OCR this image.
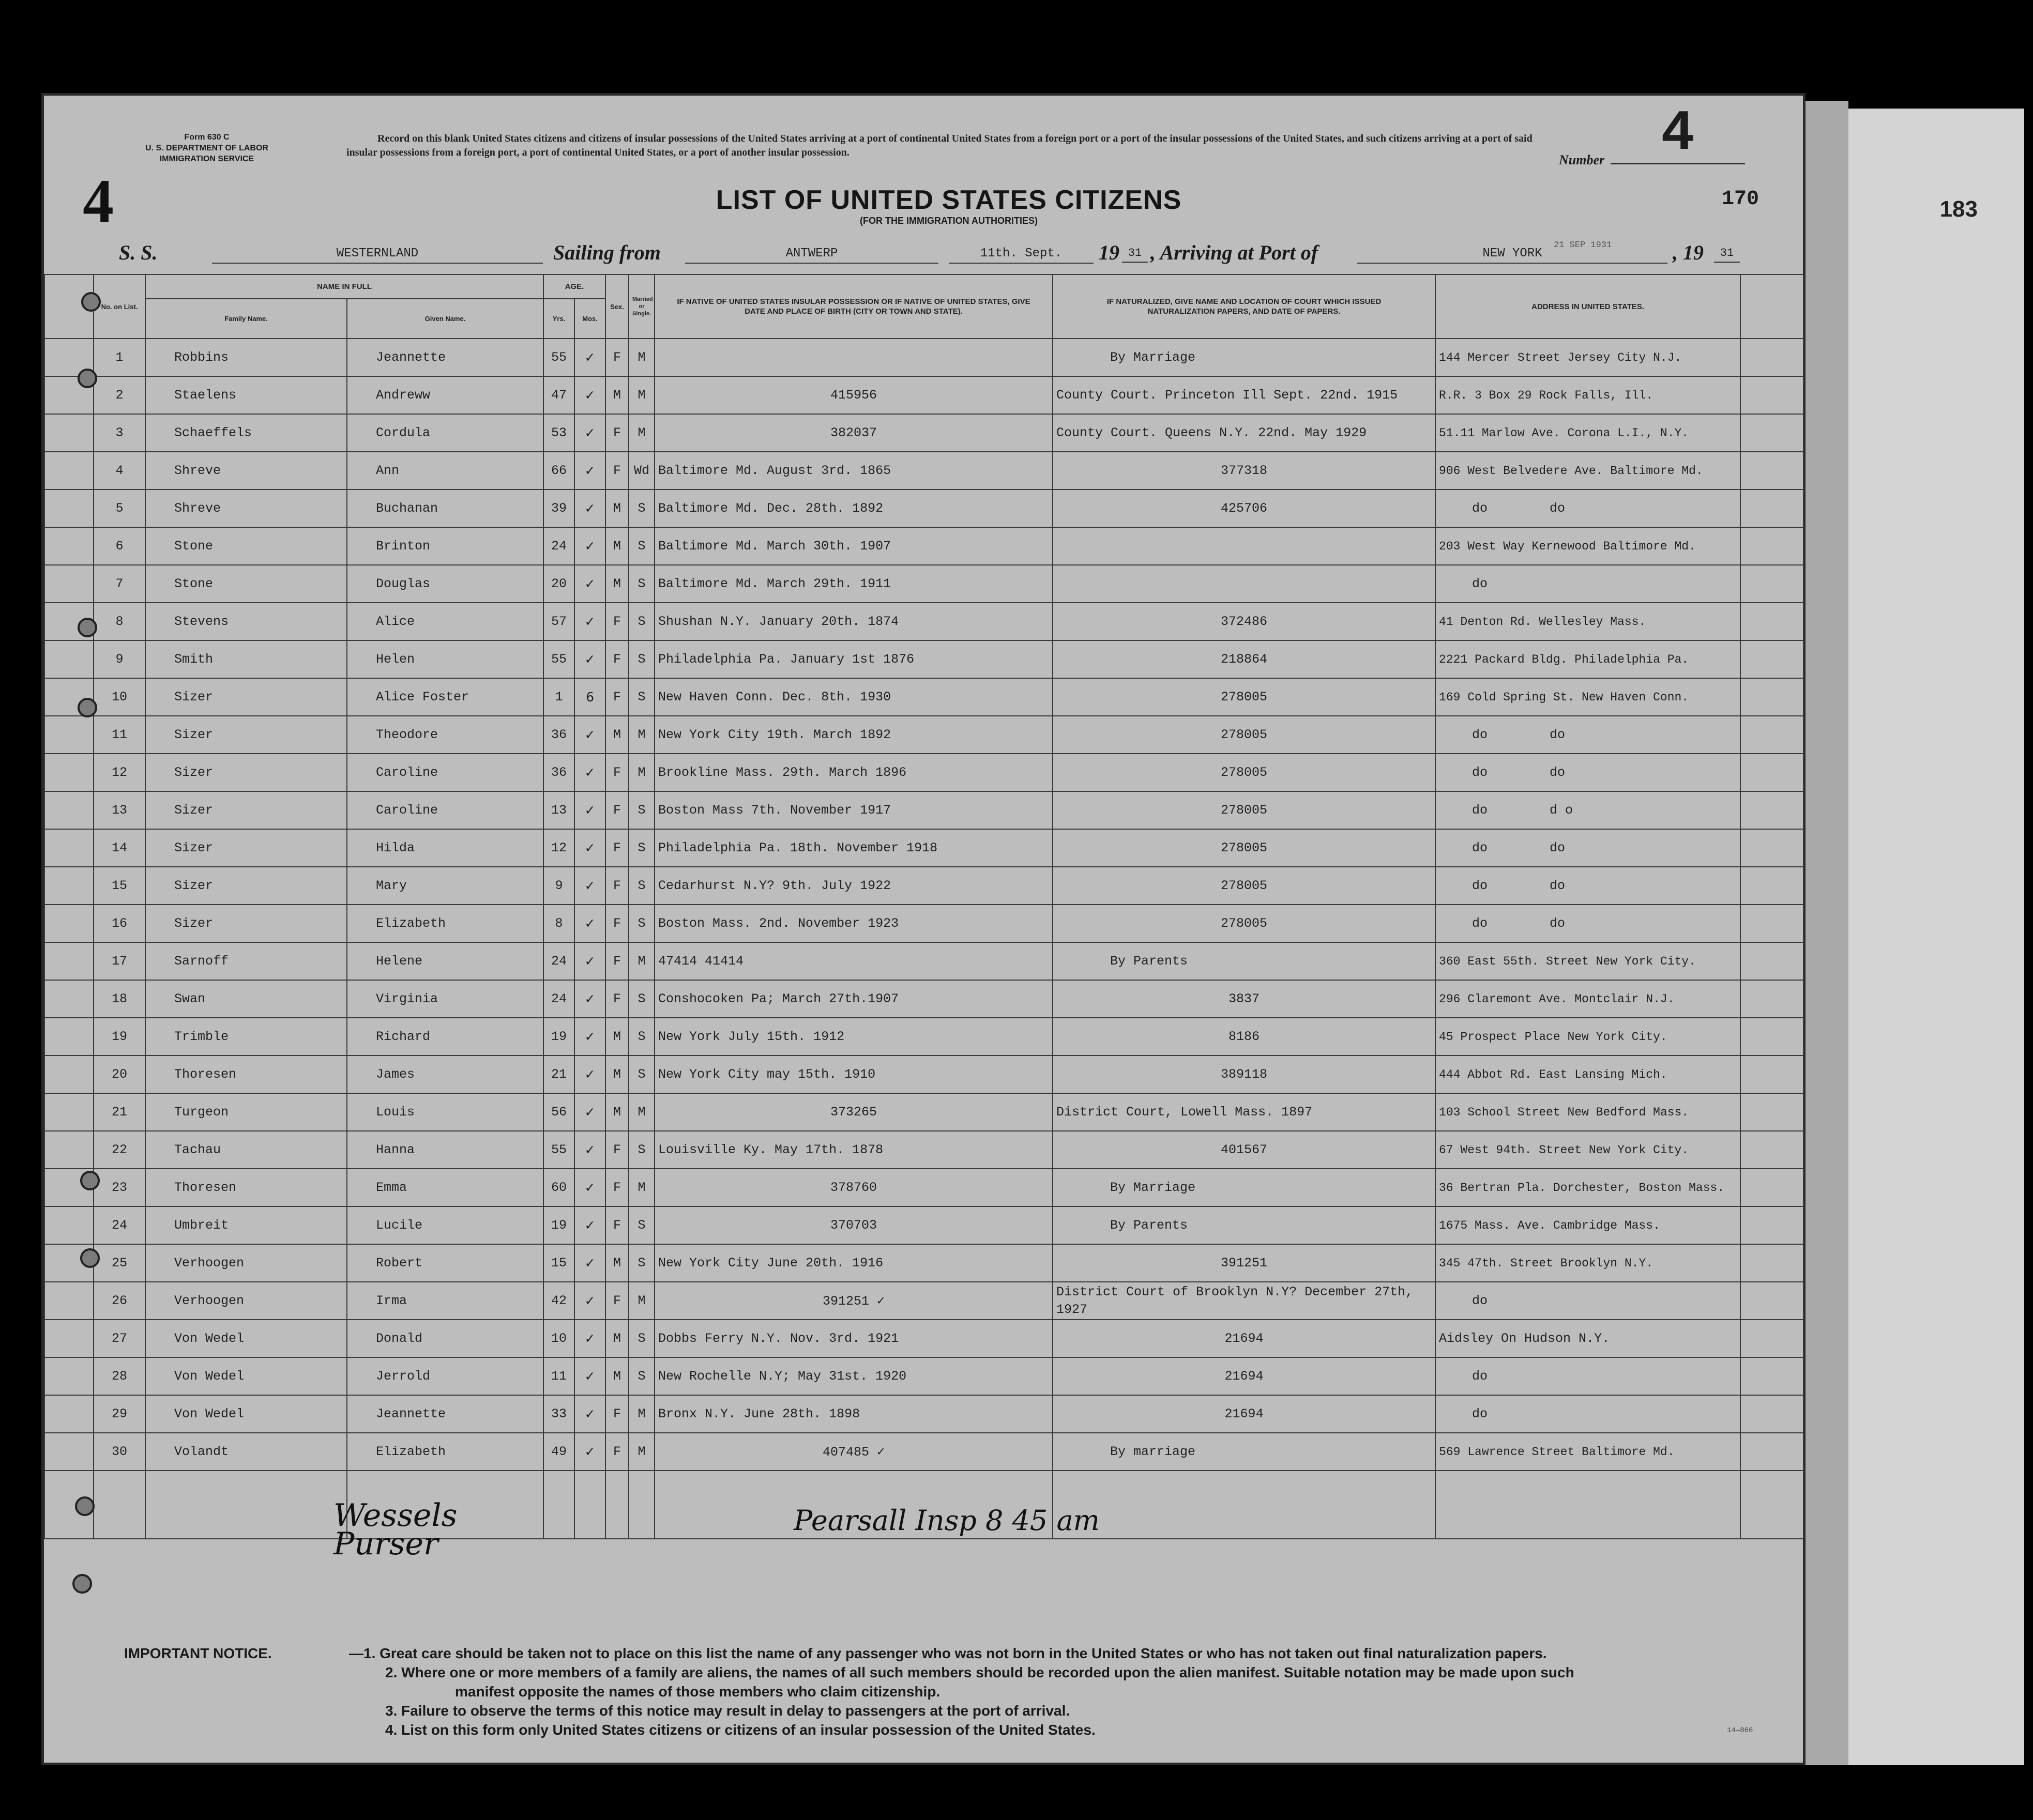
183
Form 630 C
U. S. DEPARTMENT OF LABOR
IMMIGRATION SERVICE
4
Record on this blank United States citizens and citizens of insular possessions of the United States arriving at a port of continental United States from a foreign port or a port of the insular possessions of the United States, and such citizens arriving at a port of said insular possessions from a foreign port, a port of continental United States, or a port of another insular possession.	Number 4
LIST OF UNITED STATES CITIZENS
(FOR THE IMMIGRATION AUTHORITIES)
170
S. S.	WESTERNLAND	Sailing from	ANTWERP	11th. Sept.	19 31 , Arriving at Port of	NEW YORK
21 SEP 1931	, 19	31
	No. on List.	NAME IN FULL		AGE.		Sex.	Married or Single.	IF NATIVE OF UNITED STATES INSULAR POSSESSION OR IF NATIVE OF UNITED STATES, GIVE DATE AND PLACE OF BIRTH (CITY OR TOWN AND STATE).	IF NATURALIZED, GIVE NAME AND LOCATION OF COURT WHICH ISSUED NATURALIZATION PAPERS, AND DATE OF PAPERS.	ADDRESS IN UNITED STATES.	
		Family Name.	Given Name.	Yrs.	Mos.						
	1	Robbins	Jeannette	55	✓	F	M		By Marriage	144 Mercer Street Jersey City N.J.	
	2	Staelens	Andreww	47	✓	M	M	415956	County Court. Princeton Ill Sept. 22nd. 1915	R.R. 3 Box 29 Rock Falls, Ill.	
	3	Schaeffels	Cordula	53	✓	F	M	382037	County Court. Queens N.Y. 22nd. May 1929	51.11 Marlow Ave. Corona L.I., N.Y.	
	4	Shreve	Ann	66	✓	F	Wd	Baltimore Md. August 3rd. 1865	377318	906 West Belvedere Ave. Baltimore Md.	
	5	Shreve	Buchanan	39	✓	M	S	Baltimore Md. Dec. 28th. 1892	425706	do        do	
	6	Stone	Brinton	24	✓	M	S	Baltimore Md. March 30th. 1907		203 West Way Kernewood Baltimore Md.	
	7	Stone	Douglas	20	✓	M	S	Baltimore Md. March 29th. 1911		do	
	8	Stevens	Alice	57	✓	F	S	Shushan N.Y. January 20th. 1874	372486	41 Denton Rd. Wellesley Mass.	
	9	Smith	Helen	55	✓	F	S	Philadelphia Pa. January 1st 1876	218864	2221 Packard Bldg. Philadelphia Pa.	
	10	Sizer	Alice Foster	1	6	F	S	New Haven Conn. Dec. 8th. 1930	278005	169 Cold Spring St. New Haven Conn.	
	11	Sizer	Theodore	36	✓	M	M	New York City 19th. March 1892	278005	do        do	
	12	Sizer	Caroline	36	✓	F	M	Brookline Mass. 29th. March 1896	278005	do        do	
	13	Sizer	Caroline	13	✓	F	S	Boston Mass 7th. November 1917	278005	do        d o	
	14	Sizer	Hilda	12	✓	F	S	Philadelphia Pa. 18th. November 1918	278005	do        do	
	15	Sizer	Mary	9	✓	F	S	Cedarhurst N.Y? 9th. July 1922	278005	do        do	
	16	Sizer	Elizabeth	8	✓	F	S	Boston Mass. 2nd. November 1923	278005	do        do	
	17	Sarnoff	Helene	24	✓	F	M	47414 41414	By Parents	360 East 55th. Street New York City.	
	18	Swan	Virginia	24	✓	F	S	Conshocoken Pa; March 27th.1907	3837	296 Claremont Ave. Montclair N.J.	
	19	Trimble	Richard	19	✓	M	S	New York July 15th. 1912	8186	45 Prospect Place New York City.	
	20	Thoresen	James	21	✓	M	S	New York City may 15th. 1910	389118	444 Abbot Rd. East Lansing Mich.	
	21	Turgeon	Louis	56	✓	M	M	373265	District Court, Lowell Mass. 1897	103 School Street New Bedford Mass.	
	22	Tachau	Hanna	55	✓	F	S	Louisville Ky. May 17th. 1878	401567	67 West 94th. Street New York City.	
	23	Thoresen	Emma	60	✓	F	M	378760	By Marriage	36 Bertran Pla. Dorchester, Boston Mass.	
	24	Umbreit	Lucile	19	✓	F	S	370703	By Parents	1675 Mass. Ave. Cambridge Mass.	
	25	Verhoogen	Robert	15	✓	M	S	New York City June 20th. 1916	391251	345 47th. Street Brooklyn N.Y.	
	26	Verhoogen	Irma	42	✓	F	M	391251 ✓	District Court of Brooklyn N.Y? December 27th, 1927	do	
	27	Von Wedel	Donald	10	✓	M	S	Dobbs Ferry N.Y. Nov. 3rd. 1921	21694	Aidsley On Hudson N.Y.	
	28	Von Wedel	Jerrold	11	✓	M	S	New Rochelle N.Y; May 31st. 1920	21694	do	
	29	Von Wedel	Jeannette	33	✓	F	M	Bronx N.Y. June 28th. 1898	21694	do	
	30	Volandt	Elizabeth	49	✓	F	M	407485 ✓	By marriage	569 Lawrence Street Baltimore Md.	

Wessels
Purser
Pearsall Insp 8 45 am
IMPORTANT NOTICE.	—1. Great care should be taken not to place on this list the name of any passenger who was not born in the United States or who has not taken out final naturalization papers.
2. Where one or more members of a family are aliens, the names of all such members should be recorded upon the alien manifest. Suitable notation may be made upon such
manifest opposite the names of those members who claim citizenship.
3. Failure to observe the terms of this notice may result in delay to passengers at the port of arrival.
4. List on this form only United States citizens or citizens of an insular possession of the United States.	14—866
